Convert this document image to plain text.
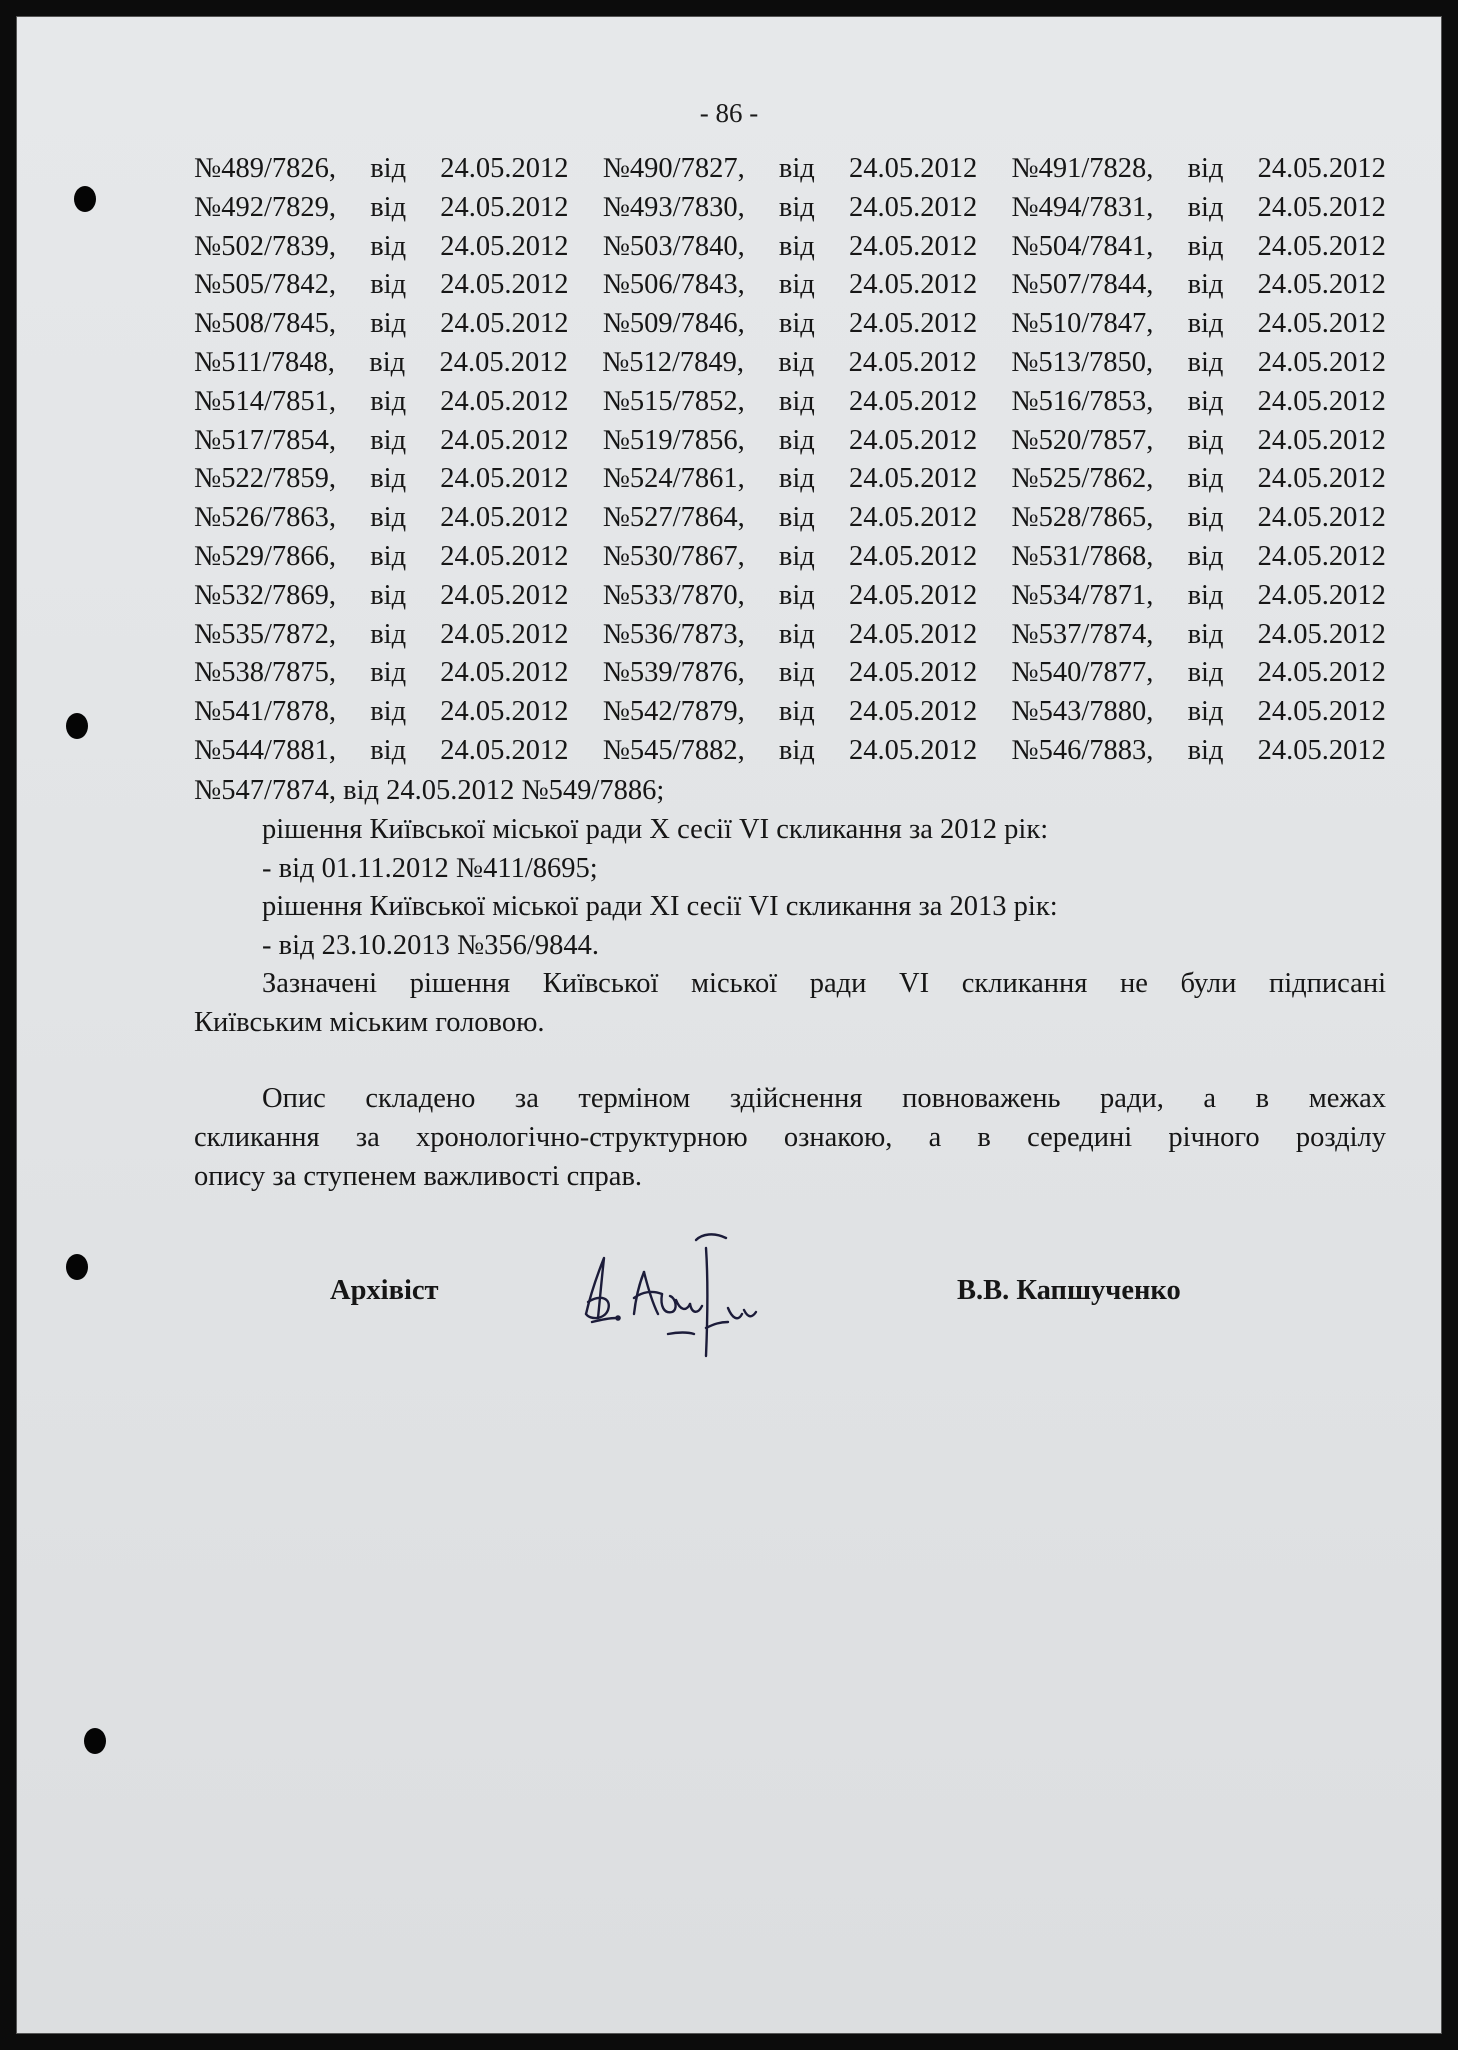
- 86 -
№489/7826, від 24.05.2012 №490/7827, від 24.05.2012 №491/7828, від 24.05.2012
№492/7829, від 24.05.2012 №493/7830, від 24.05.2012 №494/7831, від 24.05.2012
№502/7839, від 24.05.2012 №503/7840, від 24.05.2012 №504/7841, від 24.05.2012
№505/7842, від 24.05.2012 №506/7843, від 24.05.2012 №507/7844, від 24.05.2012
№508/7845, від 24.05.2012 №509/7846, від 24.05.2012 №510/7847, від 24.05.2012
№511/7848, від 24.05.2012 №512/7849, від 24.05.2012 №513/7850, від 24.05.2012
№514/7851, від 24.05.2012 №515/7852, від 24.05.2012 №516/7853, від 24.05.2012
№517/7854, від 24.05.2012 №519/7856, від 24.05.2012 №520/7857, від 24.05.2012
№522/7859, від 24.05.2012 №524/7861, від 24.05.2012 №525/7862, від 24.05.2012
№526/7863, від 24.05.2012 №527/7864, від 24.05.2012 №528/7865, від 24.05.2012
№529/7866, від 24.05.2012 №530/7867, від 24.05.2012 №531/7868, від 24.05.2012
№532/7869, від 24.05.2012 №533/7870, від 24.05.2012 №534/7871, від 24.05.2012
№535/7872, від 24.05.2012 №536/7873, від 24.05.2012 №537/7874, від 24.05.2012
№538/7875, від 24.05.2012 №539/7876, від 24.05.2012 №540/7877, від 24.05.2012
№541/7878, від 24.05.2012 №542/7879, від 24.05.2012 №543/7880, від 24.05.2012
№544/7881, від 24.05.2012 №545/7882, від 24.05.2012 №546/7883, від 24.05.2012
№547/7874, від 24.05.2012 №549/7886;
рішення Київської міської ради X сесії VI скликання за 2012 рік:
- від 01.11.2012 №411/8695;
рішення Київської міської ради XI сесії VI скликання за 2013 рік:
- від 23.10.2013 №356/9844.
Зазначені рішення Київської міської ради VI скликання не були підписані
Київським міським головою.
Опис складено за терміном здійснення повноважень ради, а в межах
скликання за хронологічно-структурною ознакою, а в середині річного розділу
опису за ступенем важливості справ.
Архівіст	В.В. Капшученко
